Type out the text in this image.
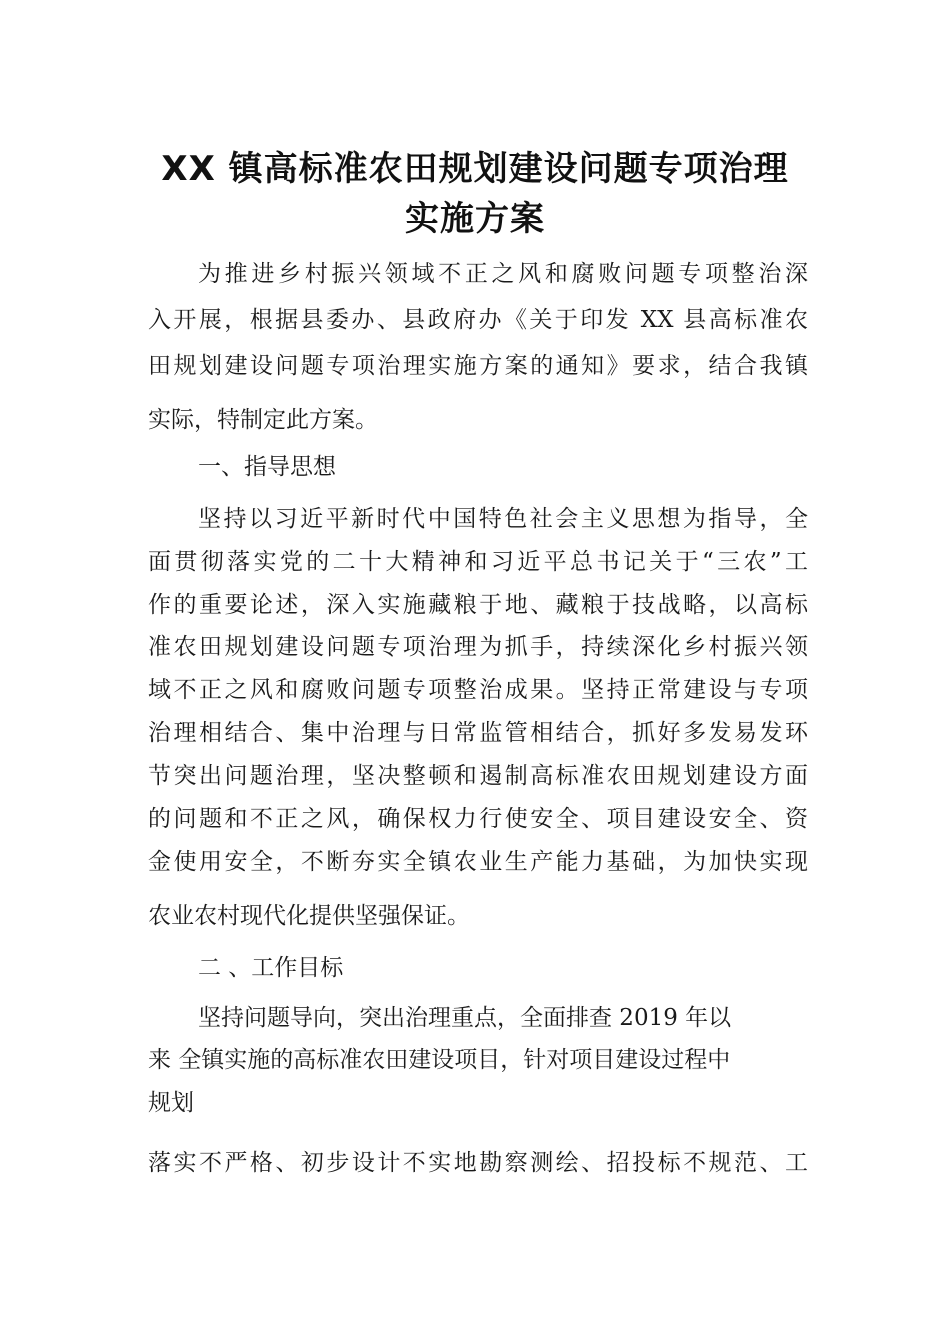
XX 镇高标准农田规划建设问题专项治理
实施方案
为推进乡村振兴领域不正之风和腐败问题专项整治深
入开展，根据县委办、县政府办《关于印发 XX 县高标准农
田规划建设问题专项治理实施方案的通知》要求，结合我镇
实际，特制定此方案。
一、指导思想
坚持以习近平新时代中国特色社会主义思想为指导，全
面贯彻落实党的二十大精神和习近平总书记关于“三农”工
作的重要论述，深入实施藏粮于地、藏粮于技战略，以高标
准农田规划建设问题专项治理为抓手，持续深化乡村振兴领
域不正之风和腐败问题专项整治成果。坚持正常建设与专项
治理相结合、集中治理与日常监管相结合，抓好多发易发环
节突出问题治理，坚决整顿和遏制高标准农田规划建设方面
的问题和不正之风，确保权力行使安全、项目建设安全、资
金使用安全，不断夯实全镇农业生产能力基础，为加快实现
农业农村现代化提供坚强保证。
二 、工作目标
坚持问题导向，突出治理重点，全面排查 2019 年以
来 全镇实施的高标准农田建设项目，针对项目建设过程中
规划
落实不严格、初步设计不实地勘察测绘、招投标不规范、工
